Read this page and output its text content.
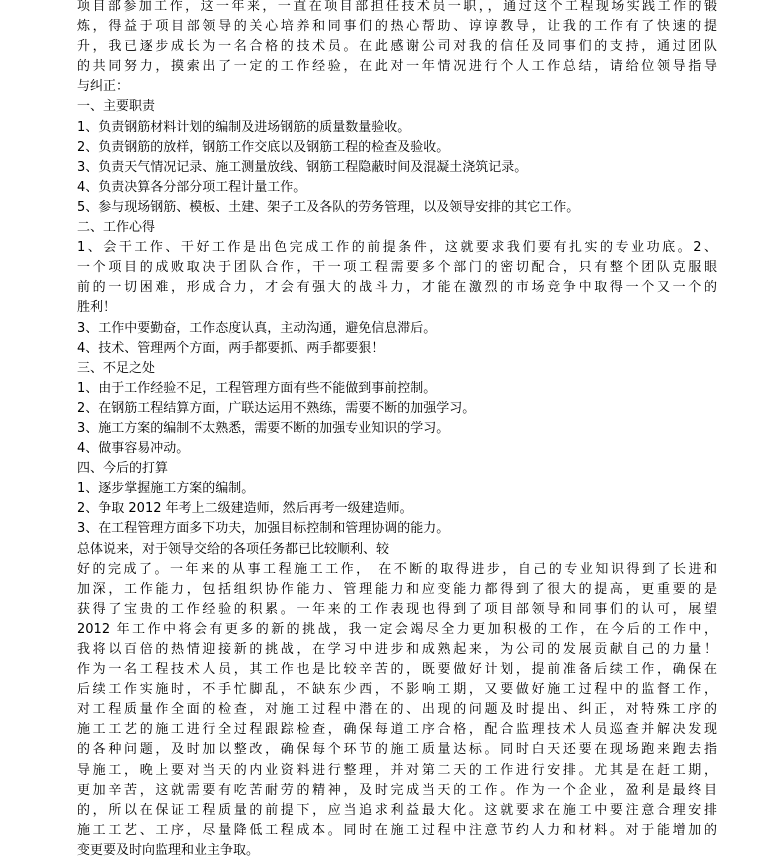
项目部参加工作，这一年来，一直在项目部担任技术员一职，，通过这个工程现场实践工作的锻
炼，得益于项目部领导的关心培养和同事们的热心帮助、谆谆教导，让我的工作有了快速的提
升，我已逐步成长为一名合格的技术员。在此感谢公司对我的信任及同事们的支持，通过团队
的共同努力，摸索出了一定的工作经验，在此对一年情况进行个人工作总结，请给位领导指导
与纠正：
一、主要职责
1、负责钢筋材料计划的编制及进场钢筋的质量数量验收。
2、负责钢筋的放样，钢筋工作交底以及钢筋工程的检查及验收。
3、负责天气情况记录、施工测量放线、钢筋工程隐蔽时间及混凝土浇筑记录。
4、负责决算各分部分项工程计量工作。
5、参与现场钢筋、模板、土建、架子工及各队的劳务管理，以及领导安排的其它工作。
二、工作心得
1、会干工作、干好工作是出色完成工作的前提条件，这就要求我们要有扎实的专业功底。2、
一个项目的成败取决于团队合作，干一项工程需要多个部门的密切配合，只有整个团队克服眼
前的一切困难，形成合力，才会有强大的战斗力，才能在激烈的市场竞争中取得一个又一个的
胜利！
3、工作中要勤奋，工作态度认真，主动沟通，避免信息滞后。
4、技术、管理两个方面，两手都要抓、两手都要狠！
三、不足之处
1、由于工作经验不足，工程管理方面有些不能做到事前控制。
2、在钢筋工程结算方面，广联达运用不熟练，需要不断的加强学习。
3、施工方案的编制不太熟悉，需要不断的加强专业知识的学习。
4、做事容易冲动。
四、今后的打算
1、逐步掌握施工方案的编制。
2、争取 2012 年考上二级建造师，然后再考一级建造师。
3、在工程管理方面多下功夫，加强目标控制和管理协调的能力。
总体说来，对于领导交给的各项任务都已比较顺利、较
好的完成了。一年来的从事工程施工工作， 在不断的取得进步，自己的专业知识得到了长进和
加深，工作能力，包括组织协作能力、管理能力和应变能力都得到了很大的提高，更重要的是
获得了宝贵的工作经验的积累。一年来的工作表现也得到了项目部领导和同事们的认可，展望
2012 年工作中将会有更多的新的挑战，我一定会竭尽全力更加积极的工作，在今后的工作中，
我将以百倍的热情迎接新的挑战，在学习中进步和成熟起来，为公司的发展贡献自己的力量！
作为一名工程技术人员，其工作也是比较辛苦的，既要做好计划，提前准备后续工作，确保在
后续工作实施时，不手忙脚乱，不缺东少西，不影响工期，又要做好施工过程中的监督工作，
对工程质量作全面的检查，对施工过程中潜在的、出现的问题及时提出、纠正，对特殊工序的
施工工艺的施工进行全过程跟踪检查，确保每道工序合格，配合监理技术人员巡查并解决发现
的各种问题，及时加以整改，确保每个环节的施工质量达标。同时白天还要在现场跑来跑去指
导施工，晚上要对当天的内业资料进行整理，并对第二天的工作进行安排。尤其是在赶工期，
更加辛苦，这就需要有吃苦耐劳的精神，及时完成当天的工作。作为一个企业，盈利是最终目
的，所以在保证工程质量的前提下，应当追求利益最大化。这就要求在施工中要注意合理安排
施工工艺、工序，尽量降低工程成本。同时在施工过程中注意节约人力和材料。对于能增加的
变更要及时向监理和业主争取。
